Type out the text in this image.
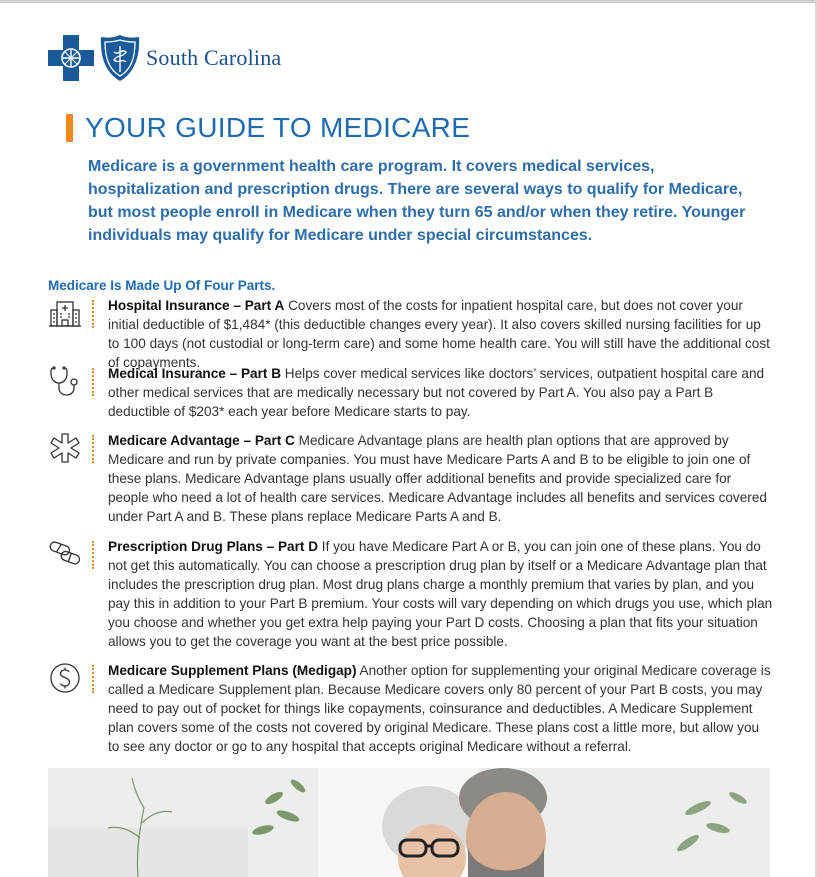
South Carolina
YOUR GUIDE TO MEDICARE

Medicare is a government health care program. It covers medical services, hospitalization and prescription drugs. There are several ways to qualify for Medicare, but most people enroll in Medicare when they turn 65 and/or when they retire. Younger individuals may qualify for Medicare under special circumstances.

Medicare Is Made Up Of Four Parts.

Hospital Insurance – Part A Covers most of the costs for inpatient hospital care, but does not cover your initial deductible of $1,484* (this deductible changes every year). It also covers skilled nursing facilities for up to 100 days (not custodial or long-term care) and some home health care. You will still have the additional cost of copayments.

Medical Insurance – Part B Helps cover medical services like doctors’ services, outpatient hospital care and other medical services that are medically necessary but not covered by Part A. You also pay a Part B deductible of $203* each year before Medicare starts to pay.

Medicare Advantage – Part C Medicare Advantage plans are health plan options that are approved by Medicare and run by private companies. You must have Medicare Parts A and B to be eligible to join one of these plans. Medicare Advantage plans usually offer additional benefits and provide specialized care for people who need a lot of health care services. Medicare Advantage includes all benefits and services covered under Part A and B. These plans replace Medicare Parts A and B.

Prescription Drug Plans – Part D If you have Medicare Part A or B, you can join one of these plans. You do not get this automatically. You can choose a prescription drug plan by itself or a Medicare Advantage plan that includes the prescription drug plan. Most drug plans charge a monthly premium that varies by plan, and you pay this in addition to your Part B premium. Your costs will vary depending on which drugs you use, which plan you choose and whether you get extra help paying your Part D costs. Choosing a plan that fits your situation allows you to get the coverage you want at the best price possible.

Medicare Supplement Plans (Medigap) Another option for supplementing your original Medicare coverage is called a Medicare Supplement plan. Because Medicare covers only 80 percent of your Part B costs, you may need to pay out of pocket for things like copayments, coinsurance and deductibles. A Medicare Supplement plan covers some of the costs not covered by original Medicare. These plans cost a little more, but allow you to see any doctor or go to any hospital that accepts original Medicare without a referral.
